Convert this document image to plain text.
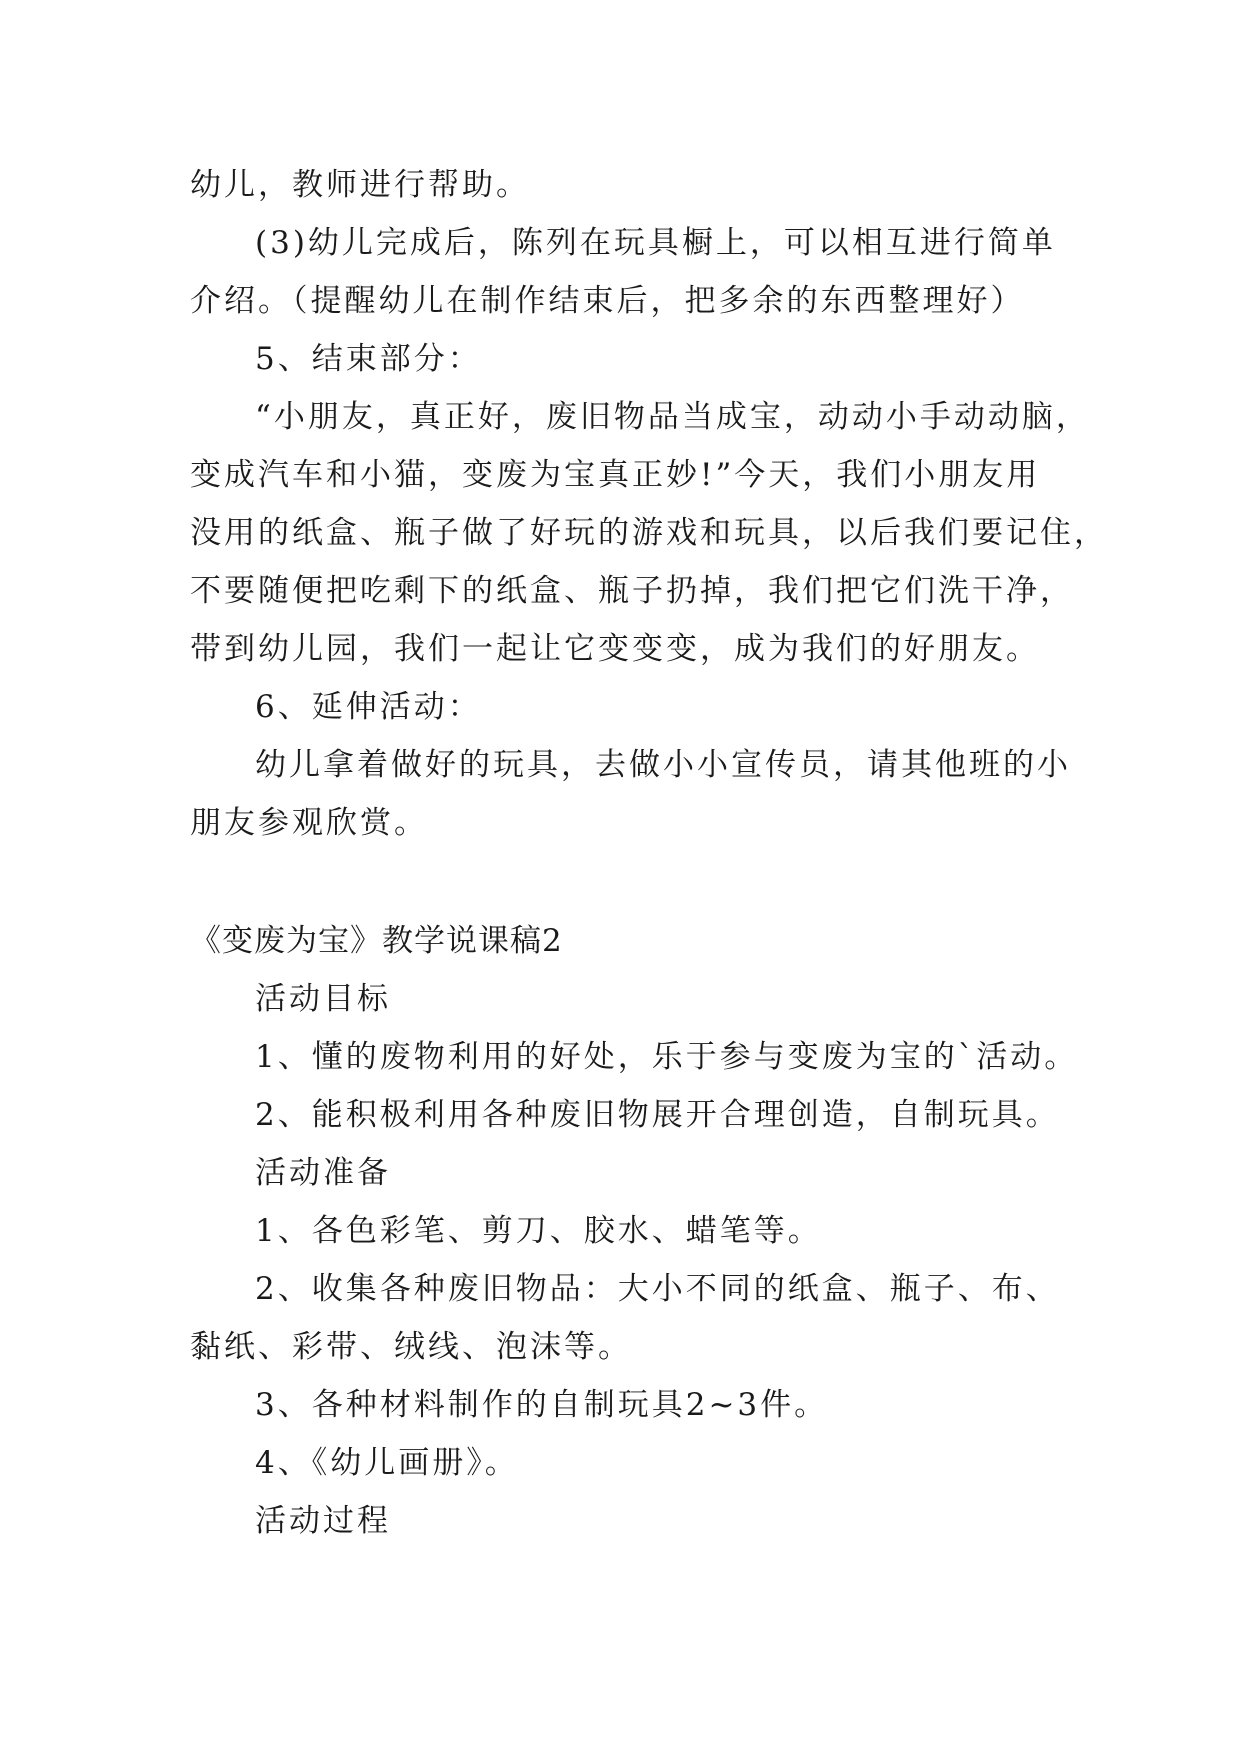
幼儿，教师进行帮助。
(3)幼儿完成后，陈列在玩具橱上，可以相互进行简单
介绍。（提醒幼儿在制作结束后，把多余的东西整理好）
5、结束部分：
“小朋友，真正好，废旧物品当成宝，动动小手动动脑，
变成汽车和小猫，变废为宝真正妙!”今天，我们小朋友用
没用的纸盒、瓶子做了好玩的游戏和玩具，以后我们要记住，
不要随便把吃剩下的纸盒、瓶子扔掉，我们把它们洗干净，
带到幼儿园，我们一起让它变变变，成为我们的好朋友。
6、延伸活动：
幼儿拿着做好的玩具，去做小小宣传员，请其他班的小
朋友参观欣赏。
《变废为宝》教学说课稿2
活动目标
1、懂的废物利用的好处，乐于参与变废为宝的`活动。
2、能积极利用各种废旧物展开合理创造，自制玩具。
活动准备
1、各色彩笔、剪刀、胶水、蜡笔等。
2、收集各种废旧物品：大小不同的纸盒、瓶子、布、
黏纸、彩带、绒线、泡沫等。
3、各种材料制作的自制玩具2~3件。
4、《幼儿画册》。
活动过程
